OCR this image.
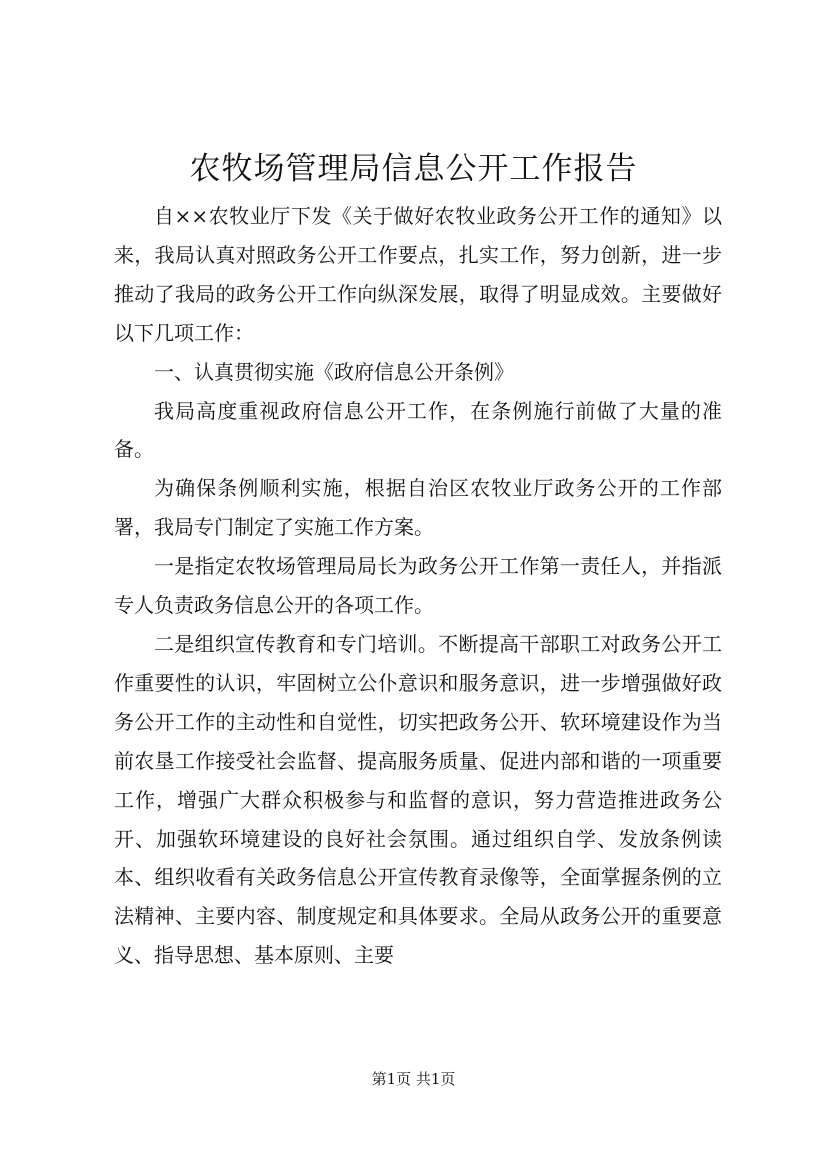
农牧场管理局信息公开工作报告

自××农牧业厅下发《关于做好农牧业政务公开工作的通知》以来，我局认真对照政务公开工作要点，扎实工作，努力创新，进一步推动了我局的政务公开工作向纵深发展，取得了明显成效。主要做好以下几项工作：

一、认真贯彻实施《政府信息公开条例》

我局高度重视政府信息公开工作，在条例施行前做了大量的准备。

为确保条例顺利实施，根据自治区农牧业厅政务公开的工作部署，我局专门制定了实施工作方案。

一是指定农牧场管理局局长为政务公开工作第一责任人，并指派专人负责政务信息公开的各项工作。

二是组织宣传教育和专门培训。不断提高干部职工对政务公开工作重要性的认识，牢固树立公仆意识和服务意识，进一步增强做好政务公开工作的主动性和自觉性，切实把政务公开、软环境建设作为当前农垦工作接受社会监督、提高服务质量、促进内部和谐的一项重要工作，增强广大群众积极参与和监督的意识，努力营造推进政务公开、加强软环境建设的良好社会氛围。通过组织自学、发放条例读本、组织收看有关政务信息公开宣传教育录像等，全面掌握条例的立法精神、主要内容、制度规定和具体要求。全局从政务公开的重要意义、指导思想、基本原则、主要

第1页 共1页
